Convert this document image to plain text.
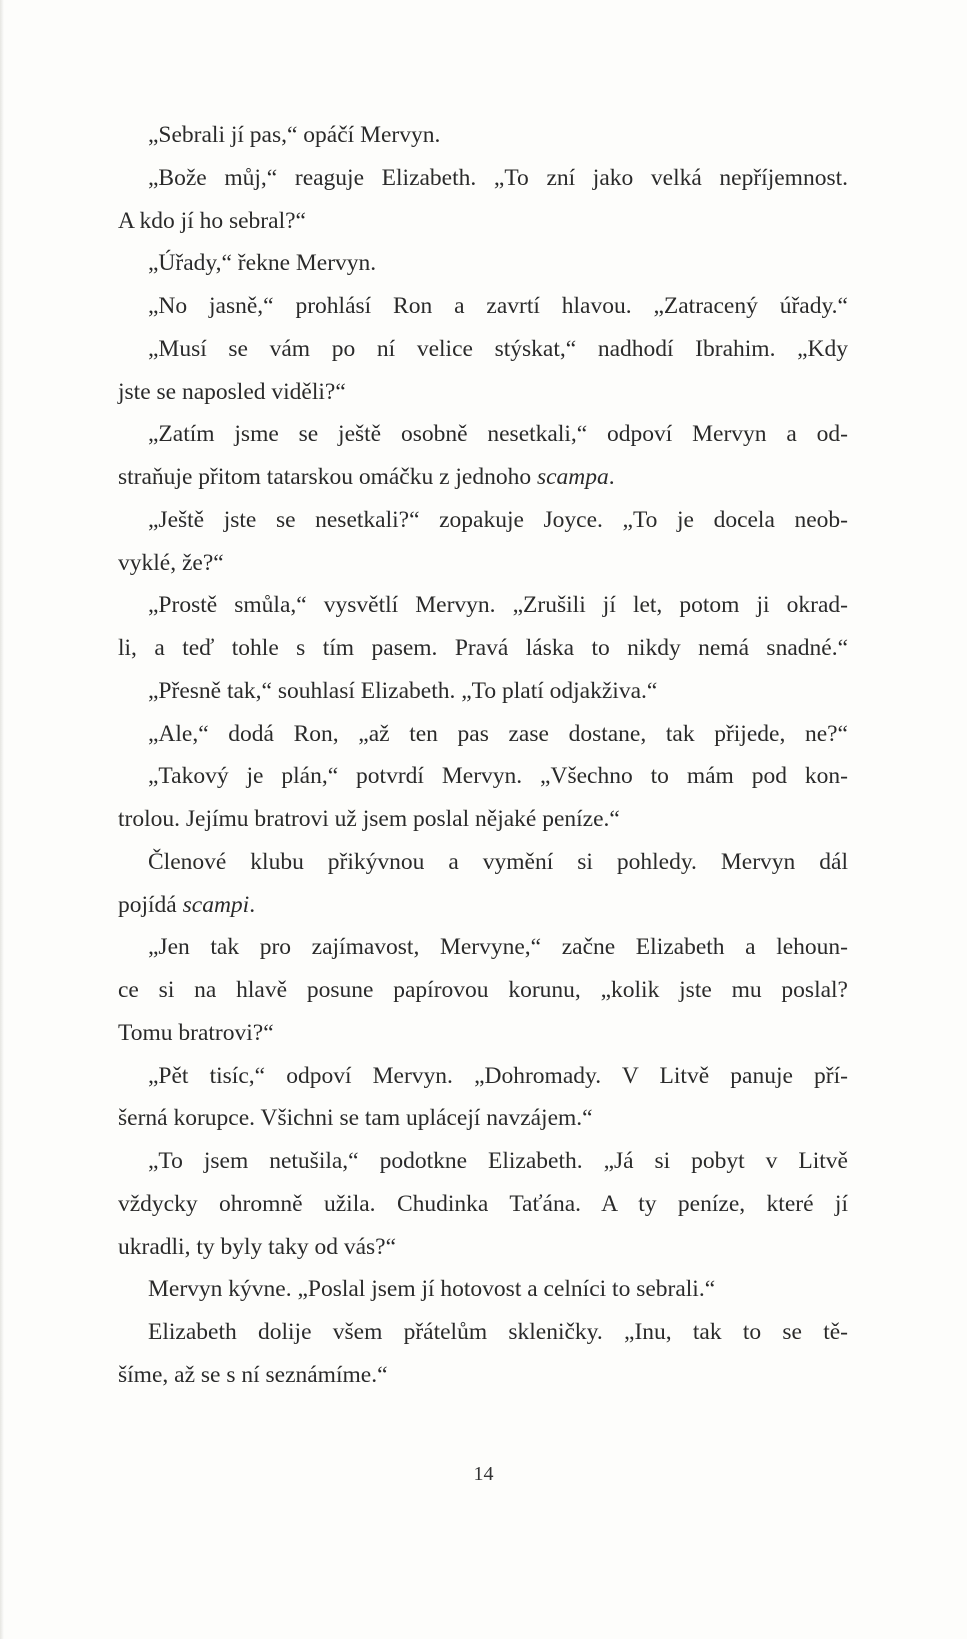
„Sebrali jí pas,“ opáčí Mervyn.
„Bože můj,“ reaguje Elizabeth. „To zní jako velká nepříjemnost.
A kdo jí ho sebral?“
„Úřady,“ řekne Mervyn.
„No jasně,“ prohlásí Ron a zavrtí hlavou. „Zatracený úřady.“
„Musí se vám po ní velice stýskat,“ nadhodí Ibrahim. „Kdy
jste se naposled viděli?“
„Zatím jsme se ještě osobně nesetkali,“ odpoví Mervyn a od-
straňuje přitom tatarskou omáčku z jednoho scampa.
„Ještě jste se nesetkali?“ zopakuje Joyce. „To je docela neob-
vyklé, že?“
„Prostě smůla,“ vysvětlí Mervyn. „Zrušili jí let, potom ji okrad-
li, a teď tohle s tím pasem. Pravá láska to nikdy nemá snadné.“
„Přesně tak,“ souhlasí Elizabeth. „To platí odjakživa.“
„Ale,“ dodá Ron, „až ten pas zase dostane, tak přijede, ne?“
„Takový je plán,“ potvrdí Mervyn. „Všechno to mám pod kon-
trolou. Jejímu bratrovi už jsem poslal nějaké peníze.“
Členové klubu přikývnou a vymění si pohledy. Mervyn dál
pojídá scampi.
„Jen tak pro zajímavost, Mervyne,“ začne Elizabeth a lehoun-
ce si na hlavě posune papírovou korunu, „kolik jste mu poslal?
Tomu bratrovi?“
„Pět tisíc,“ odpoví Mervyn. „Dohromady. V Litvě panuje pří-
šerná korupce. Všichni se tam uplácejí navzájem.“
„To jsem netušila,“ podotkne Elizabeth. „Já si pobyt v Litvě
vždycky ohromně užila. Chudinka Taťána. A ty peníze, které jí
ukradli, ty byly taky od vás?“
Mervyn kývne. „Poslal jsem jí hotovost a celníci to sebrali.“
Elizabeth dolije všem přátelům skleničky. „Inu, tak to se tě-
šíme, až se s ní seznámíme.“
14
